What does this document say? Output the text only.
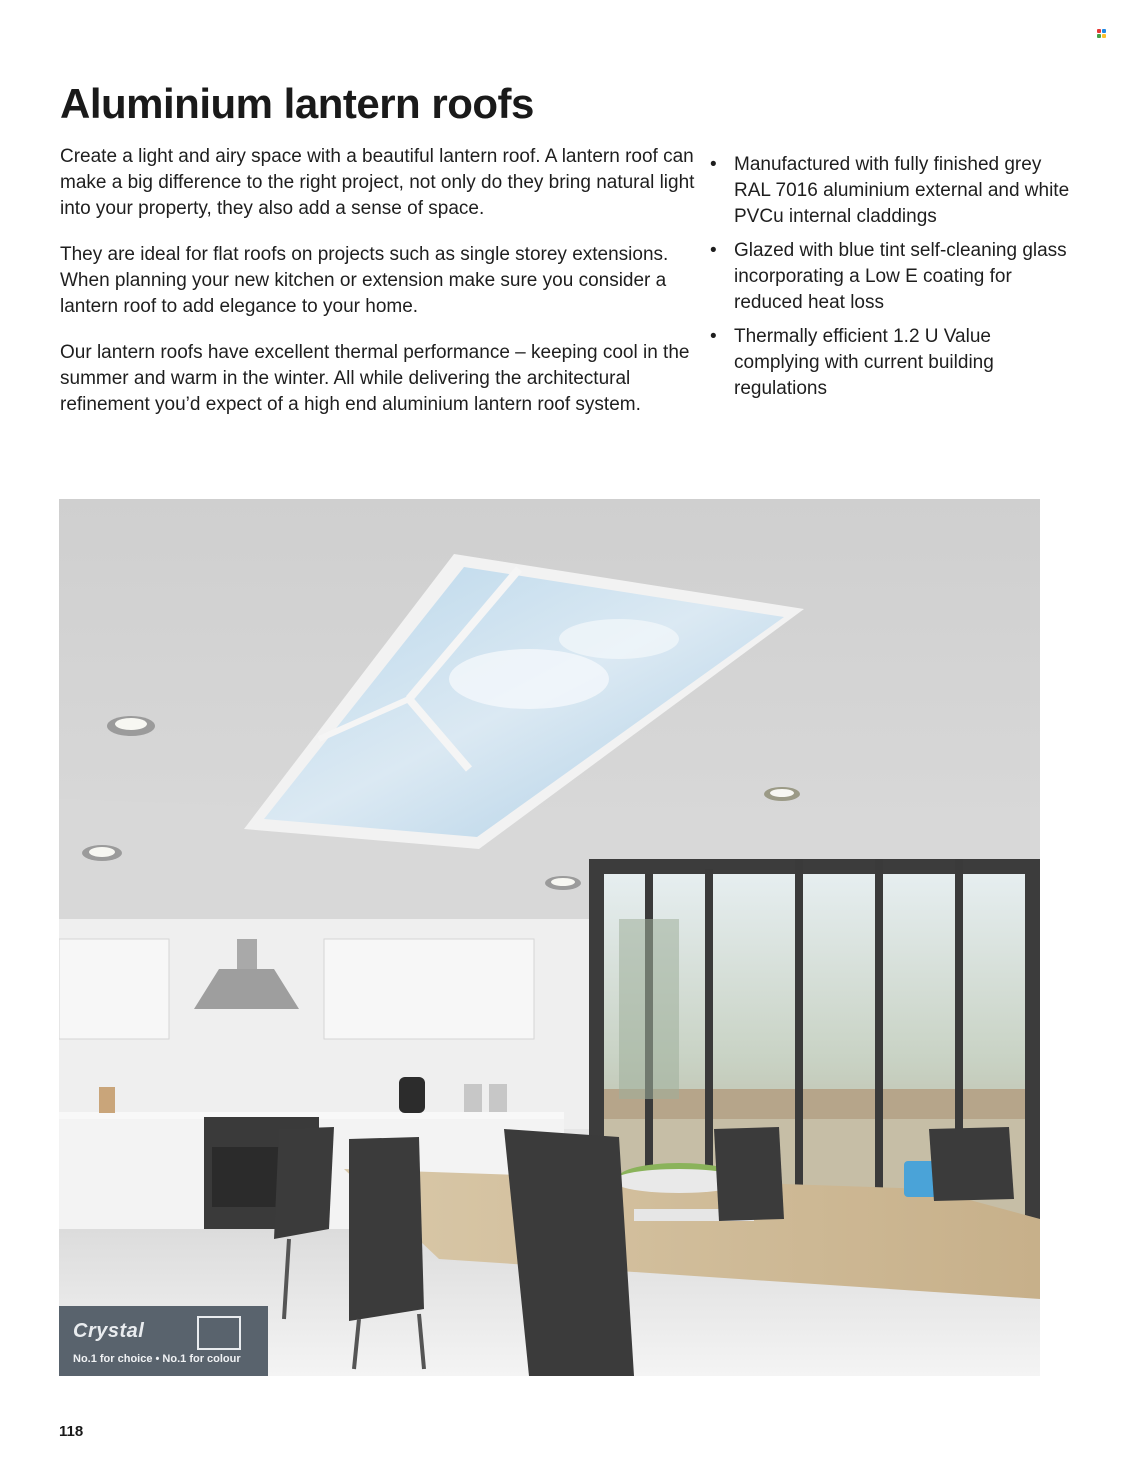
Aluminium lantern roofs

Create a light and airy space with a beautiful lantern roof. A lantern roof can make a big difference to the right project, not only do they bring natural light into your property, they also add a sense of space.

They are ideal for flat roofs on projects such as single storey extensions. When planning your new kitchen or extension make sure you consider a lantern roof to add elegance to your home.

Our lantern roofs have excellent thermal performance – keeping cool in the summer and warm in the winter. All while delivering the architectural refinement you’d expect of a high end aluminium lantern roof system.

• Manufactured with fully finished grey RAL 7016 aluminium external and white PVCu internal claddings
• Glazed with blue tint self-cleaning glass incorporating a Low E coating for reduced heat loss
• Thermally efficient 1.2 U Value complying with current building regulations
Crystal
No.1 for choice • No.1 for colour
118
